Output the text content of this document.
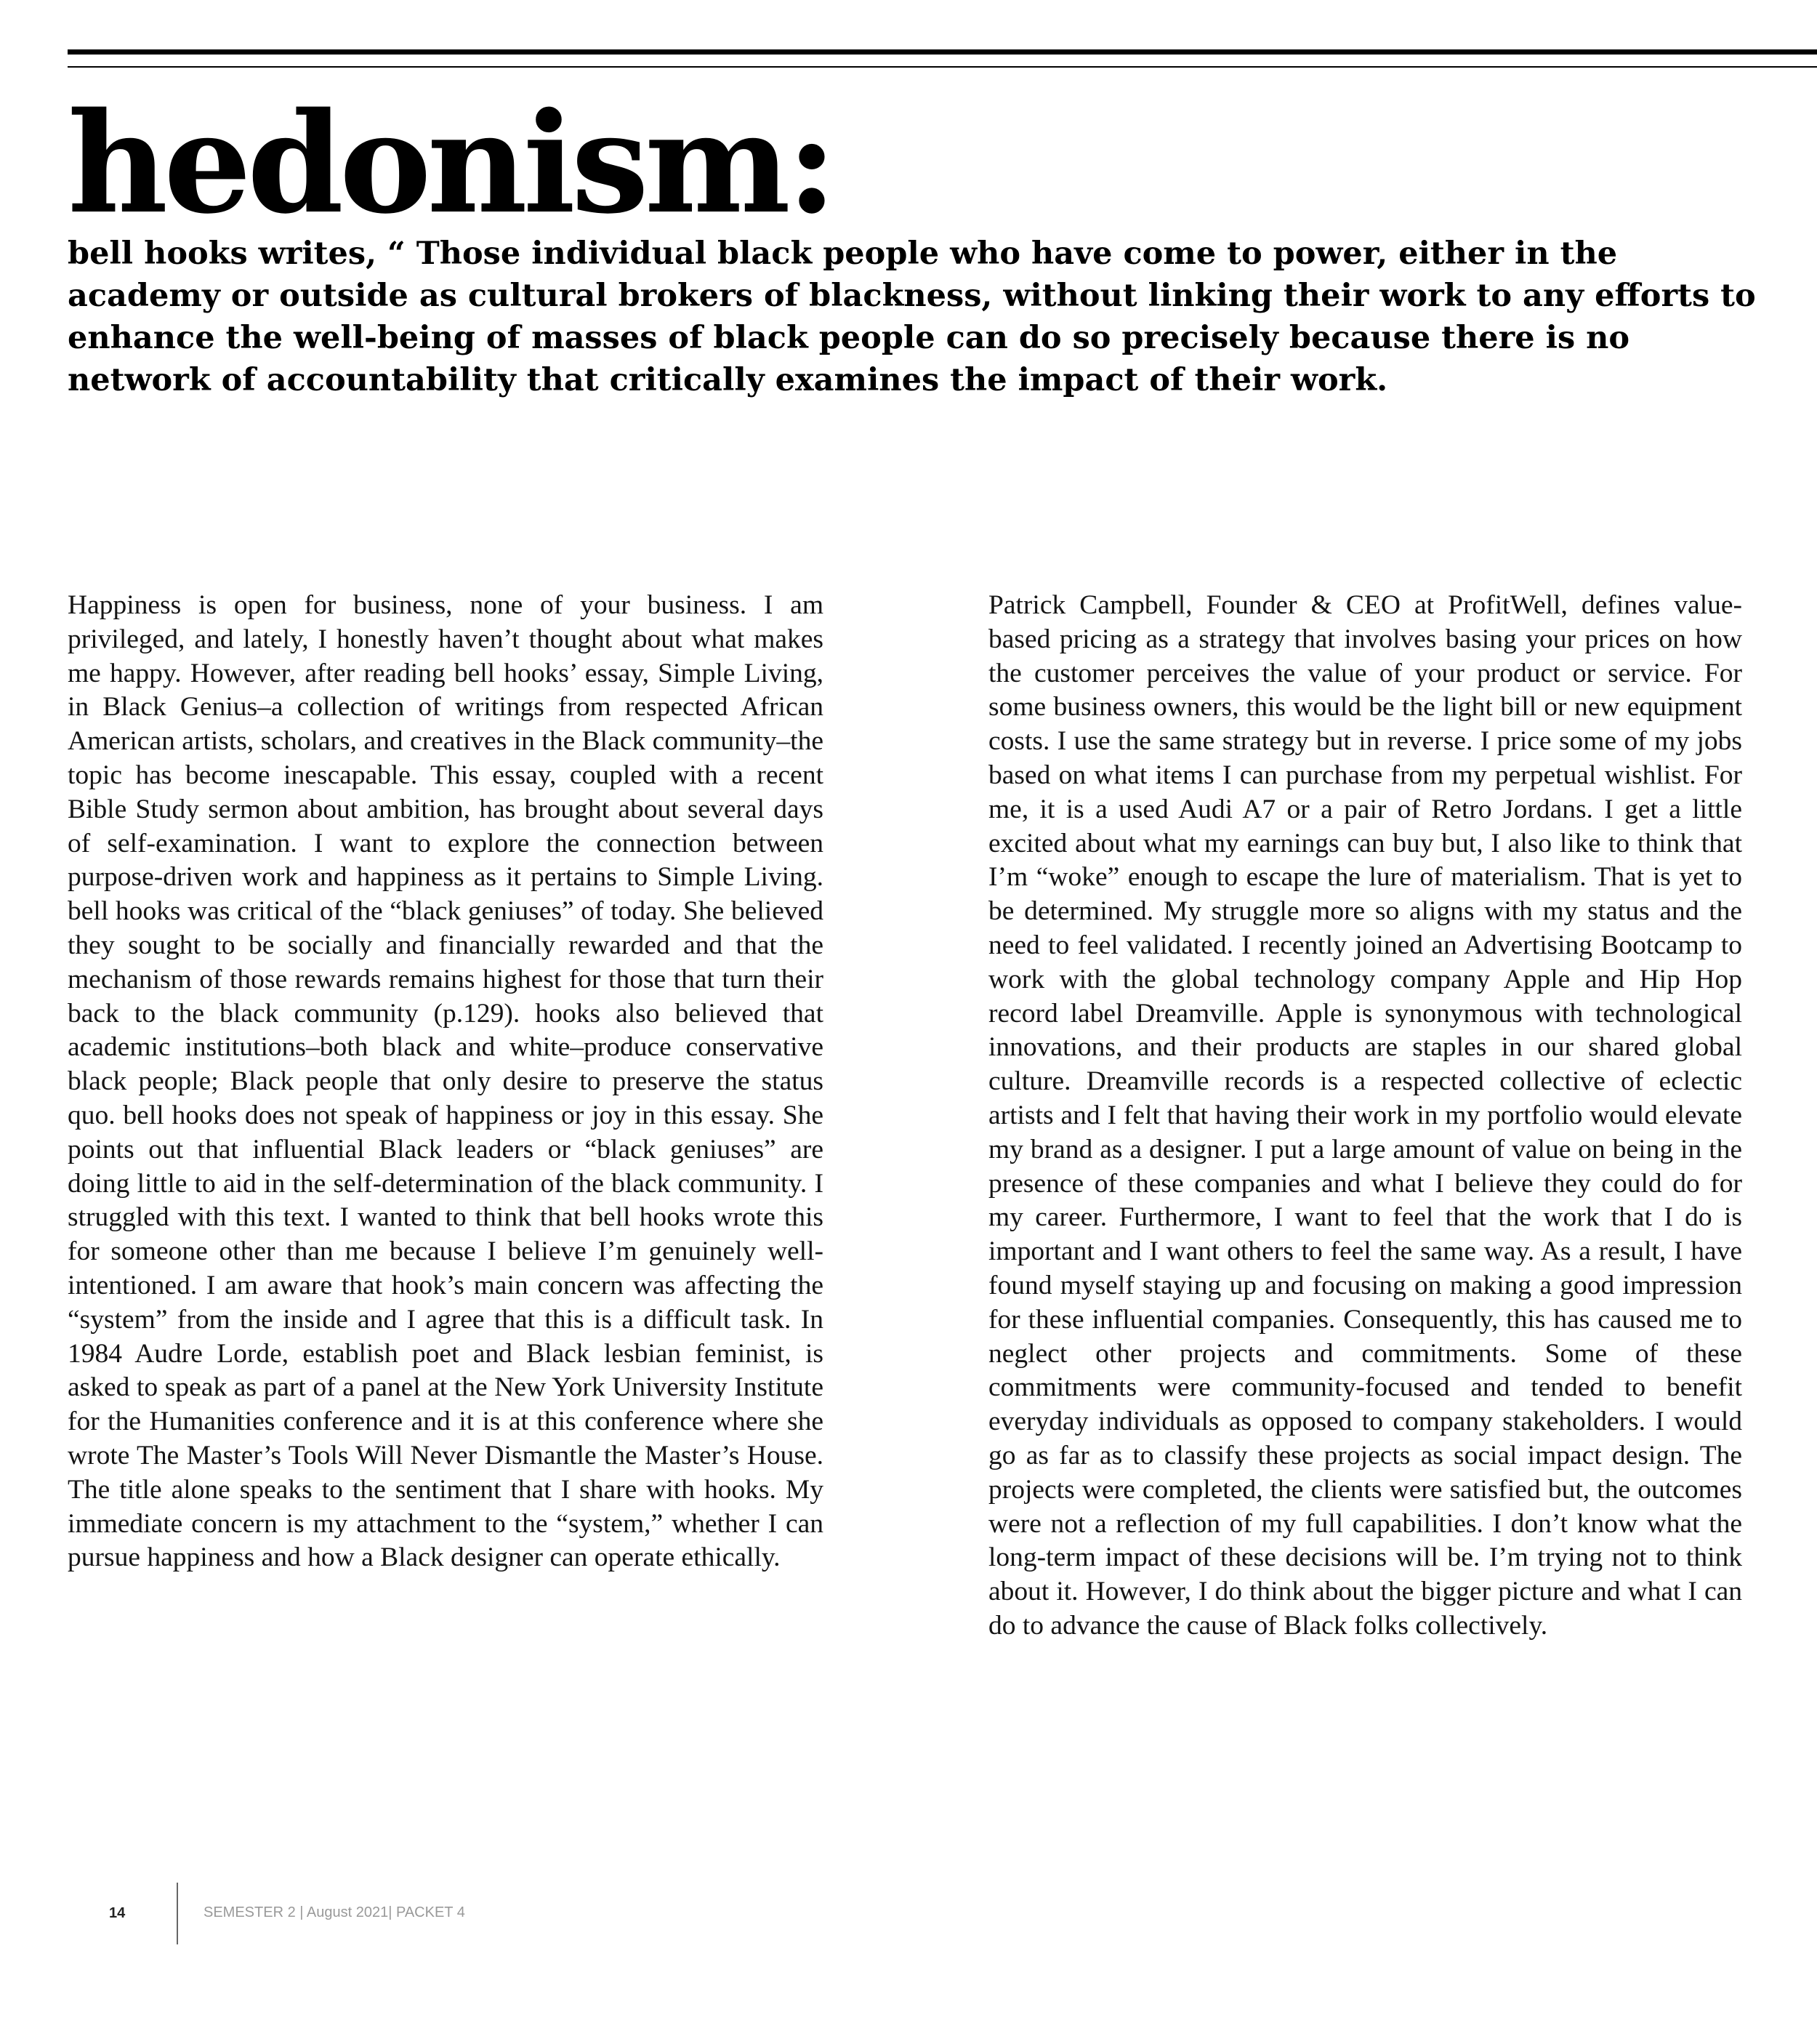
hedonism:

bell hooks writes, “ Those individual black people who have come to power, either in the academy or outside as cultural brokers of blackness, without linking their work to any efforts to enhance the well-being of masses of black people can do so precisely because there is no network of accountability that critically examines the impact of their work.

Happiness is open for business, none of your business. I am privileged, and lately, I honestly haven’t thought about what makes me happy. However, after reading bell hooks’ essay, Simple Living, in Black Genius–a collection of writings from respected African American artists, scholars, and creatives in the Black community–the topic has become inescapable. This essay, coupled with a recent Bible Study sermon about ambition, has brought about several days of self-examination. I want to explore the connection between purpose-driven work and happiness as it pertains to Simple Living. bell hooks was critical of the “black geniuses” of today. She believed they sought to be socially and financially rewarded and that the mechanism of those rewards remains highest for those that turn their back to the black community (p.129). hooks also believed that academic institutions–both black and white–produce conservative black people; Black people that only desire to preserve the status quo. bell hooks does not speak of happiness or joy in this essay. She points out that influential Black leaders or “black geniuses” are doing little to aid in the self-determination of the black community. I struggled with this text. I wanted to think that bell hooks wrote this for someone other than me because I believe I’m genuinely well-intentioned. I am aware that hook’s main concern was affecting the “system” from the inside and I agree that this is a difficult task. In 1984 Audre Lorde, establish poet and Black lesbian feminist, is asked to speak as part of a panel at the New York University Institute for the Humanities conference and it is at this conference where she wrote The Master’s Tools Will Never Dismantle the Master’s House. The title alone speaks to the sentiment that I share with hooks. My immediate concern is my attachment to the “system,” whether I can pursue happiness and how a Black designer can operate ethically.

Patrick Campbell, Founder & CEO at ProfitWell, defines value-based pricing as a strategy that involves basing your prices on how the customer perceives the value of your product or service. For some business owners, this would be the light bill or new equipment costs. I use the same strategy but in reverse. I price some of my jobs based on what items I can purchase from my perpetual wishlist. For me, it is a used Audi A7 or a pair of Retro Jordans. I get a little excited about what my earnings can buy but, I also like to think that I’m “woke” enough to escape the lure of materialism. That is yet to be determined. My struggle more so aligns with my status and the need to feel validated. I recently joined an Advertising Bootcamp to work with the global technology company Apple and Hip Hop record label Dreamville. Apple is synonymous with technological innovations, and their products are staples in our shared global culture. Dreamville records is a respected collective of eclectic artists and I felt that having their work in my portfolio would elevate my brand as a designer. I put a large amount of value on being in the presence of these companies and what I believe they could do for my career. Furthermore, I want to feel that the work that I do is important and I want others to feel the same way. As a result, I have found myself staying up and focusing on making a good impression for these influential companies. Consequently, this has caused me to neglect other projects and commitments. Some of these commitments were community-focused and tended to benefit everyday individuals as opposed to company stakeholders. I would go as far as to classify these projects as social impact design. The projects were completed, the clients were satisfied but, the outcomes were not a reflection of my full capabilities. I don’t know what the long-term impact of these decisions will be. I’m trying not to think about it. However, I do think about the bigger picture and what I can do to advance the cause of Black folks collectively.

14	SEMESTER 2 | August 2021| PACKET 4
